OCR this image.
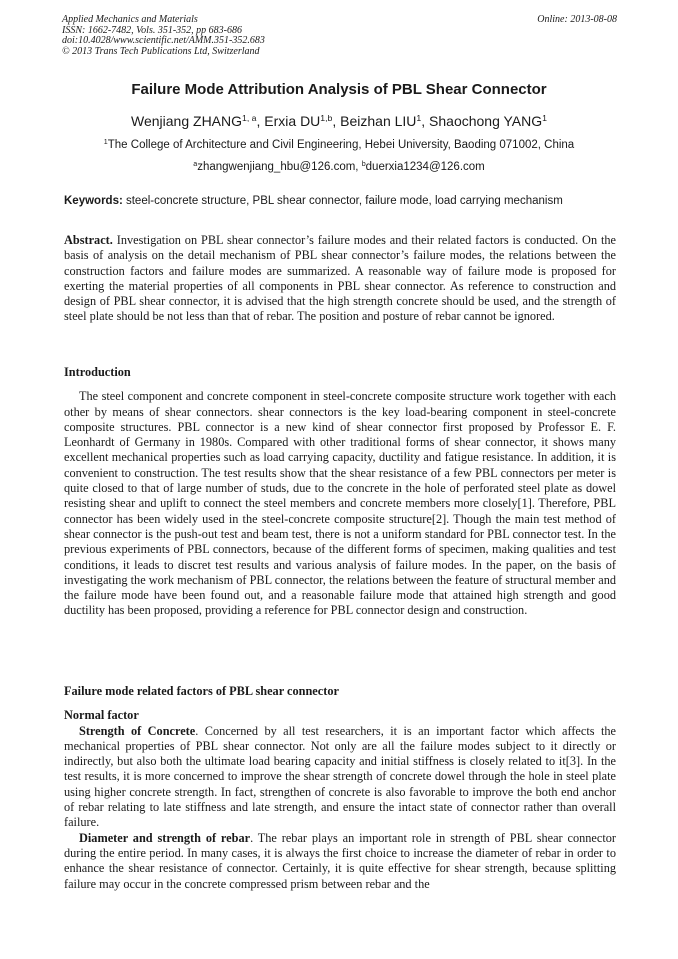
Applied Mechanics and Materials
ISSN: 1662-7482, Vols. 351-352, pp 683-686
doi:10.4028/www.scientific.net/AMM.351-352.683
© 2013 Trans Tech Publications Ltd, Switzerland
Online: 2013-08-08
Failure Mode Attribution Analysis of PBL Shear Connector
Wenjiang ZHANG$^{1, a}$, Erxia DU$^{1,b}$, Beizhan LIU$^1$, Shaochong YANG$^1$
$^1$The College of Architecture and Civil Engineering, Hebei University, Baoding 071002, China
$^a$zhangwenjiang_hbu@126.com, $^b$duerxia1234@126.com
Keywords: steel-concrete structure, PBL shear connector, failure mode, load carrying mechanism
Abstract. Investigation on PBL shear connector’s failure modes and their related factors is conducted. On the basis of analysis on the detail mechanism of PBL shear connector’s failure modes, the relations between the construction factors and failure modes are summarized. A reasonable way of failure mode is proposed for exerting the material properties of all components in PBL shear connector. As reference to construction and design of PBL shear connector, it is advised that the high strength concrete should be used, and the strength of steel plate should be not less than that of rebar. The position and posture of rebar cannot be ignored.
Introduction

The steel component and concrete component in steel-concrete composite structure work together with each other by means of shear connectors. shear connectors is the key load-bearing component in steel-concrete composite structures. PBL connector is a new kind of shear connector first proposed by Professor E. F. Leonhardt of Germany in 1980s. Compared with other traditional forms of shear connector, it shows many excellent mechanical properties such as load carrying capacity, ductility and fatigue resistance. In addition, it is convenient to construction. The test results show that the shear resistance of a few PBL connectors per meter is quite closed to that of large number of studs, due to the concrete in the hole of perforated steel plate as dowel resisting shear and uplift to connect the steel members and concrete members more closely[1]. Therefore, PBL connector has been widely used in the steel-concrete composite structure[2]. Though the main test method of shear connector is the push-out test and beam test, there is not a uniform standard for PBL connector test. In the previous experiments of PBL connectors, because of the different forms of specimen, making qualities and test conditions, it leads to discret test results and various analysis of failure modes. In the paper, on the basis of investigating the work mechanism of PBL connector, the relations between the feature of structural member and the failure mode have been found out, and a reasonable failure mode that attained high strength and good ductility has been proposed, providing a reference for PBL connector design and construction.

Failure mode related factors of PBL shear connector
Normal factor

Strength of Concrete. Concerned by all test researchers, it is an important factor which affects the mechanical properties of PBL shear connector. Not only are all the failure modes subject to it directly or indirectly, but also both the ultimate load bearing capacity and initial stiffness is closely related to it[3]. In the test results, it is more concerned to improve the shear strength of concrete dowel through the hole in steel plate using higher concrete strength. In fact, strengthen of concrete is also favorable to improve the both end anchor of rebar relating to late stiffness and late strength, and ensure the intact state of connector rather than overall failure.

Diameter and strength of rebar. The rebar plays an important role in strength of PBL shear connector during the entire period. In many cases, it is always the first choice to increase the diameter of rebar in order to enhance the shear resistance of connector. Certainly, it is quite effective for shear strength, because splitting failure may occur in the concrete compressed prism between rebar and the
